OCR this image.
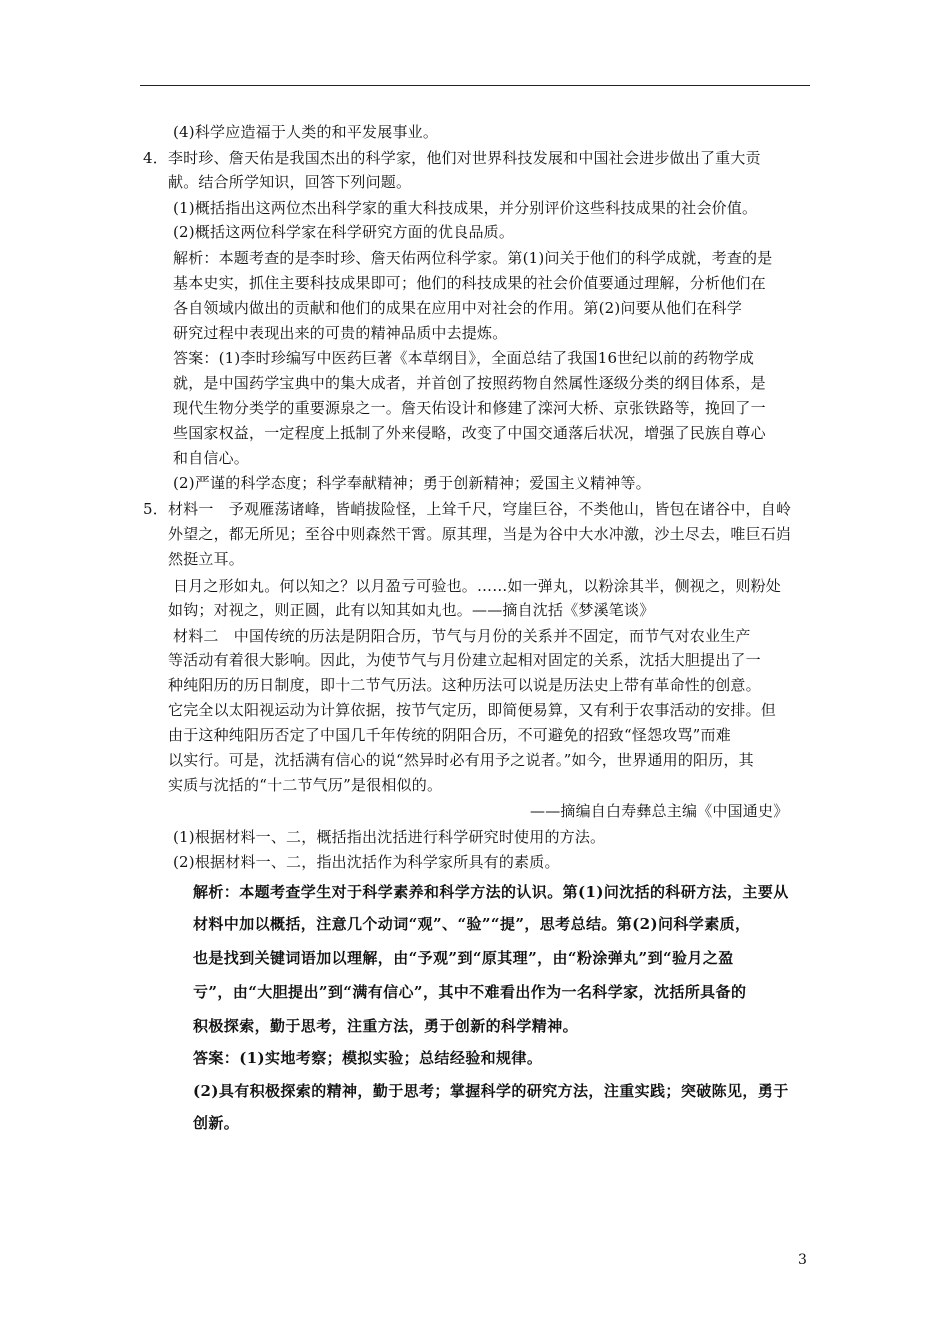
(4)科学应造福于人类的和平发展事业。
4．李时珍、詹天佑是我国杰出的科学家，他们对世界科技发展和中国社会进步做出了重大贡
献。结合所学知识，回答下列问题。
(1)概括指出这两位杰出科学家的重大科技成果，并分别评价这些科技成果的社会价值。
(2)概括这两位科学家在科学研究方面的优良品质。
解析：本题考查的是李时珍、詹天佑两位科学家。第(1)问关于他们的科学成就，考查的是
基本史实，抓住主要科技成果即可；他们的科技成果的社会价值要通过理解，分析他们在
各自领域内做出的贡献和他们的成果在应用中对社会的作用。第(2)问要从他们在科学
研究过程中表现出来的可贵的精神品质中去提炼。
答案：(1)李时珍编写中医药巨著《本草纲目》，全面总结了我国16世纪以前的药物学成
就，是中国药学宝典中的集大成者，并首创了按照药物自然属性逐级分类的纲目体系，是
现代生物分类学的重要源泉之一。詹天佑设计和修建了滦河大桥、京张铁路等，挽回了一
些国家权益，一定程度上抵制了外来侵略，改变了中国交通落后状况，增强了民族自尊心
和自信心。
(2)严谨的科学态度；科学奉献精神；勇于创新精神；爱国主义精神等。
5．材料一　予观雁荡诸峰，皆峭拔险怪，上耸千尺，穹崖巨谷，不类他山，皆包在诸谷中，自岭
外望之，都无所见；至谷中则森然干霄。原其理，当是为谷中大水冲激，沙土尽去，唯巨石岿
然挺立耳。
日月之形如丸。何以知之？以月盈亏可验也。……如一弹丸，以粉涂其半，侧视之，则粉处
如钩；对视之，则正圆，此有以知其如丸也。——摘自沈括《梦溪笔谈》
材料二　中国传统的历法是阴阳合历，节气与月份的关系并不固定，而节气对农业生产
等活动有着很大影响。因此，为使节气与月份建立起相对固定的关系，沈括大胆提出了一
种纯阳历的历日制度，即十二节气历法。这种历法可以说是历法史上带有革命性的创意。
它完全以太阳视运动为计算依据，按节气定历，即简便易算，又有利于农事活动的安排。但
由于这种纯阳历否定了中国几千年传统的阴阳合历，不可避免的招致“怪怨攻骂”而难
以实行。可是，沈括满有信心的说“然异时必有用予之说者。”如今，世界通用的阳历，其
实质与沈括的“十二节气历”是很相似的。
——摘编自白寿彝总主编《中国通史》
(1)根据材料一、二，概括指出沈括进行科学研究时使用的方法。
(2)根据材料一、二，指出沈括作为科学家所具有的素质。
解析：本题考查学生对于科学素养和科学方法的认识。第(1)问沈括的科研方法，主要从
材料中加以概括，注意几个动词“观”、“验”“提”，思考总结。第(2)问科学素质，
也是找到关键词语加以理解，由“予观”到“原其理”，由“粉涂弹丸”到“验月之盈
亏”，由“大胆提出”到“满有信心”，其中不难看出作为一名科学家，沈括所具备的
积极探索，勤于思考，注重方法，勇于创新的科学精神。
答案：(1)实地考察；模拟实验；总结经验和规律。
(2)具有积极探索的精神，勤于思考；掌握科学的研究方法，注重实践；突破陈见，勇于
创新。
3
